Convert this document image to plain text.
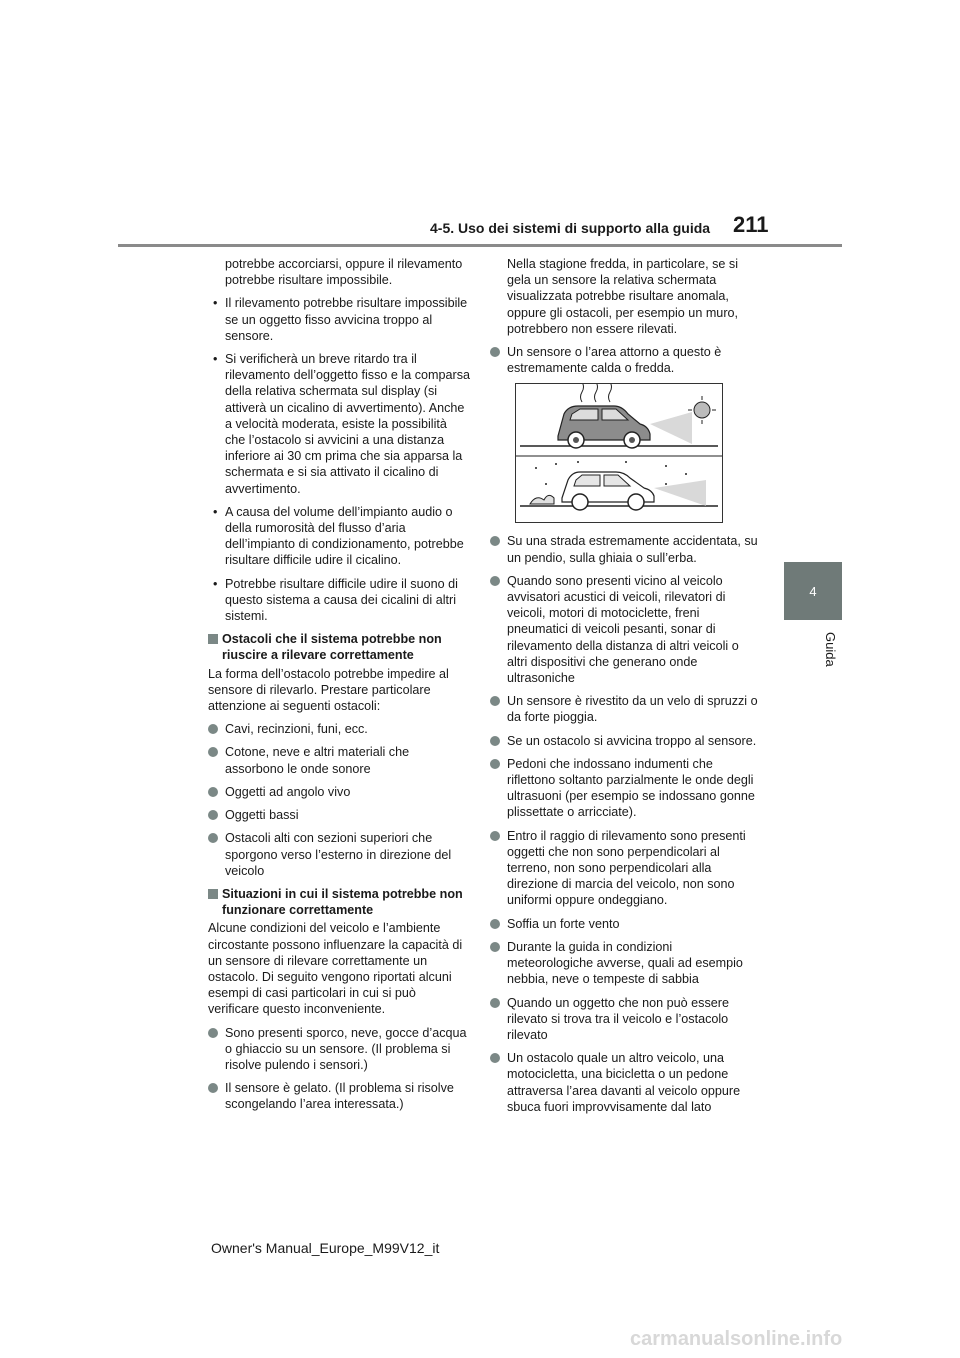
4-5. Uso dei sistemi di supporto alla guida 211
4
Guida

potrebbe accorciarsi, oppure il rilevamento potrebbe risultare impossibile.

• Il rilevamento potrebbe risultare impossibile se un oggetto fisso avvicina troppo al sensore.

• Si verificherà un breve ritardo tra il rilevamento dell’oggetto fisso e la comparsa della relativa schermata sul display (si attiverà un cicalino di avvertimento). Anche a velocità moderata, esiste la possibilità che l’ostacolo si avvicini a una distanza inferiore ai 30 cm prima che sia apparsa la schermata e si sia attivato il cicalino di avvertimento.

• A causa del volume dell’impianto audio o della rumorosità del flusso d’aria dell’impianto di condizionamento, potrebbe risultare difficile udire il cicalino.

• Potrebbe risultare difficile udire il suono di questo sistema a causa dei cicalini di altri sistemi.

Ostacoli che il sistema potrebbe non riuscire a rilevare correttamente

La forma dell’ostacolo potrebbe impedire al sensore di rilevarlo. Prestare particolare attenzione ai seguenti ostacoli:

Cavi, recinzioni, funi, ecc.
Cotone, neve e altri materiali che assorbono le onde sonore
Oggetti ad angolo vivo
Oggetti bassi
Ostacoli alti con sezioni superiori che sporgono verso l’esterno in direzione del veicolo
Situazioni in cui il sistema potrebbe non funzionare correttamente

Alcune condizioni del veicolo e l’ambiente circostante possono influenzare la capacità di un sensore di rilevare correttamente un ostacolo. Di seguito vengono riportati alcuni esempi di casi particolari in cui si può verificare questo inconveniente.

Sono presenti sporco, neve, gocce d’acqua o ghiaccio su un sensore. (Il problema si risolve pulendo i sensori.)
Il sensore è gelato. (Il problema si risolve scongelando l’area interessata.)

Nella stagione fredda, in particolare, se si gela un sensore la relativa schermata visualizzata potrebbe risultare anomala, oppure gli ostacoli, per esempio un muro, potrebbero non essere rilevati.

Un sensore o l’area attorno a questo è estremamente calda o fredda.
Su una strada estremamente accidentata, su un pendio, sulla ghiaia o sull’erba.
Quando sono presenti vicino al veicolo avvisatori acustici di veicoli, rilevatori di veicoli, motori di motociclette, freni pneumatici di veicoli pesanti, sonar di rilevamento della distanza di altri veicoli o altri dispositivi che generano onde ultrasoniche
Un sensore è rivestito da un velo di spruzzi o da forte pioggia.
Se un ostacolo si avvicina troppo al sensore.
Pedoni che indossano indumenti che riflettono soltanto parzialmente le onde degli ultrasuoni (per esempio se indossano gonne plissettate o arricciate).
Entro il raggio di rilevamento sono presenti oggetti che non sono perpendicolari al terreno, non sono perpendicolari alla direzione di marcia del veicolo, non sono uniformi oppure ondeggiano.
Soffia un forte vento
Durante la guida in condizioni meteorologiche avverse, quali ad esempio nebbia, neve o tempeste di sabbia
Quando un oggetto che non può essere rilevato si trova tra il veicolo e l’ostacolo rilevato
Un ostacolo quale un altro veicolo, una motocicletta, una bicicletta o un pedone attraversa l’area davanti al veicolo oppure sbuca fuori improvvisamente dal lato
Owner's Manual_Europe_M99V12_it
carmanualsonline.info
